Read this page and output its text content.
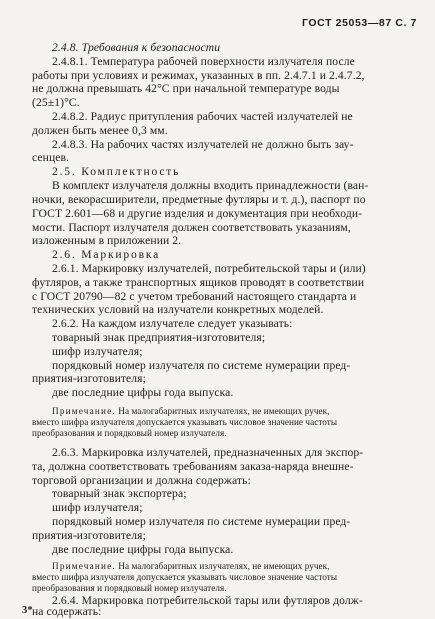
ГОСТ 25053—87 С. 7
2.4.8. Требования к безопасности
2.4.8.1. Температура рабочей поверхности излучателя после
работы при условиях и режимах, указанных в пп. 2.4.7.1 и 2.4.7.2,
не должна превышать 42°С при начальной температуре воды
(25±1)°С.
2.4.8.2. Радиус притупления рабочих частей излучателей не
должен быть менее 0,3 мм.
2.4.8.3. На рабочих частях излучателей не должно быть зау-
сенцев.
2.5. Комплектность
В комплект излучателя должны входить принадлежности (ван-
ночки, векорасширители, предметные футляры и т. д.), паспорт по
ГОСТ 2.601—68 и другие изделия и документация при необходи-
мости. Паспорт излучателя должен соответствовать указаниям,
изложенным в приложении 2.
2.6. Маркировка
2.6.1. Маркировку излучателей, потребительской тары и (или)
футляров, а также транспортных ящиков проводят в соответствии
с ГОСТ 20790—82 с учетом требований настоящего стандарта и
технических условий на излучатели конкретных моделей.
2.6.2. На каждом излучателе следует указывать:
товарный знак предприятия-изготовителя;
шифр излучателя;
порядковый номер излучателя по системе нумерации пред-
приятия-изготовителя;
две последние цифры года выпуска.
Примечание. На малогабаритных излучателях, не имеющих ручек,
вместо шифра излучателя допускается указывать числовое значение частоты
преобразования и порядковый номер излучателя.
2.6.3. Маркировка излучателей, предназначенных для экспор-
та, должна соответствовать требованиям заказа-наряда внешне-
торговой организации и должна содержать:
товарный знак экспортера;
шифр излучателя;
порядковый номер излучателя по системе нумерации пред-
приятия-изготовителя;
две последние цифры года выпуска.
Примечание. На малогабаритных излучателях, не имеющих ручек,
вместо шифра излучателя допускается указывать числовое значение частоты
преобразования и порядковый номер излучателя.
2.6.4. Маркировка потребительской тары или футляров долж-
на содержать:
3*
